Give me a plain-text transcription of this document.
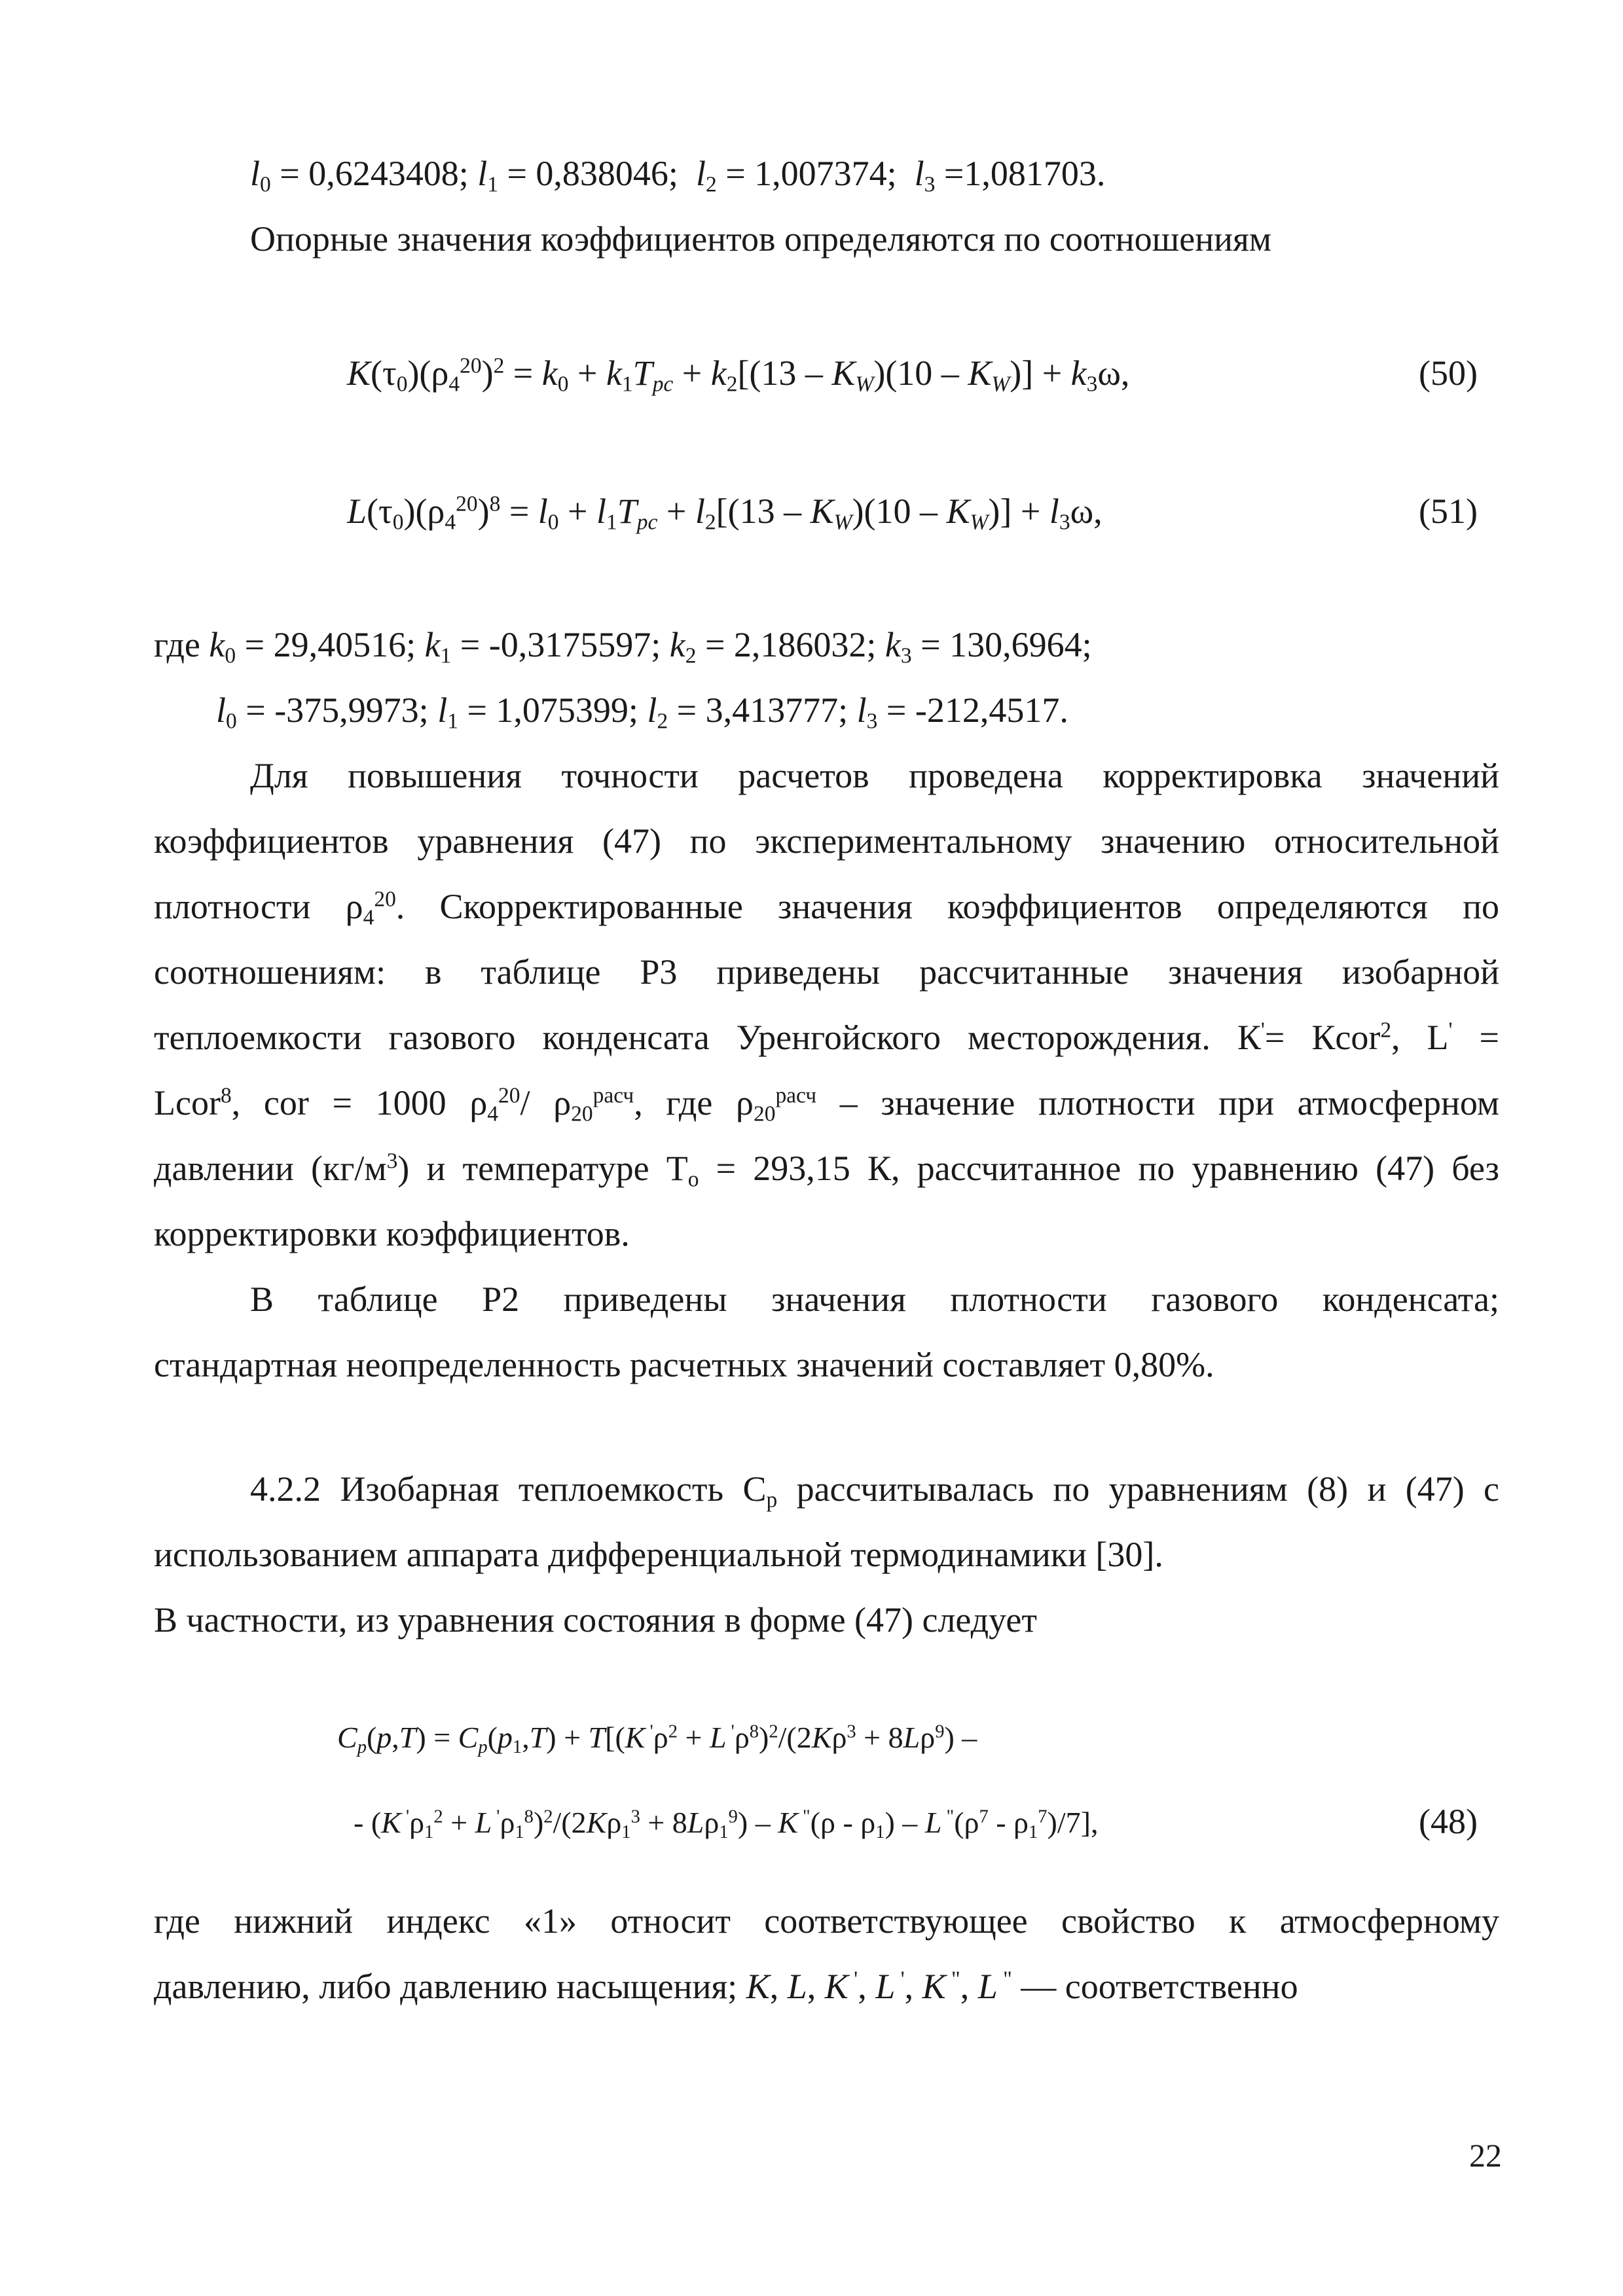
$l_0 = 0,6243408$; $l_1 = 0,838046$;  $l_2 = 1,007374$;  $l_3 =1,081703$.
Опорные значения коэффициентов определяются по соотношениям
$K(\tau_0)(\rho_4^{20})^2 = k_0 + k_1T_{pc} + k_2[(13 - K_W)(10 - K_W)] + k_3\omega$,	(50)
$L(\tau_0)(\rho_4^{20})^8 = l_0 + l_1T_{pc} + l_2[(13 - K_W)(10 - K_W)] + l_3\omega$,	(51)
где $k_0 = 29,40516$; $k_1 = -0,3175597$; $k_2 = 2,186032$; $k_3 = 130,6964$;
$l_0 = -375,9973$; $l_1 = 1,075399$; $l_2 = 3,413777$; $l_3 = -212,4517$.
Для повышения точности расчетов проведена корректировка значений
коэффициентов уравнения (47) по экспериментальному значению относительной
плотности $\rho_4^{20}$. Скорректированные значения коэффициентов определяются по
соотношениям: в таблице Р3 приведены рассчитанные значения изобарной
теплоемкости газового конденсата Уренгойского месторождения. К'= Кcor$^2$, L' =
Lcor$^8$, cor = 1000 $\rho_4^{20}/$ $\rho_{20}^{расч}$, где $\rho_{20}^{расч}$ – значение плотности при атмосферном
давлении $(кг/м^3)$ и температуре $Т_о = 293,15$ К, рассчитанное по уравнению (47) без
корректировки коэффициентов.
В таблице Р2 приведены значения плотности газового конденсата;
стандартная неопределенность расчетных значений составляет 0,80%.
4.2.2 Изобарная теплоемкость $С_р$ рассчитывалась по уравнениям (8) и (47) с
использованием аппарата дифференциальной термодинамики [30].
В частности, из уравнения состояния в форме (47) следует
$C_p(p,T) = C_p(p_1,T) + T[(K$ $'\rho^2 + L$ $'\rho^8)^2/(2K\rho^3 + 8L\rho^9)$ –
- (K $'\rho_1^2 + L$ $'\rho_1^8)^2/(2K\rho_1^3 + 8L\rho_1^9) - K$ $^"(\rho - \rho_1)$ – L $^"(\rho^7 - \rho_1^7)/7$],	(48)
где нижний индекс «1» относит соответствующее свойство к атмосферному
давлению, либо давлению насыщения; K, L, K ', L ', K ", L " — соответственно
22
